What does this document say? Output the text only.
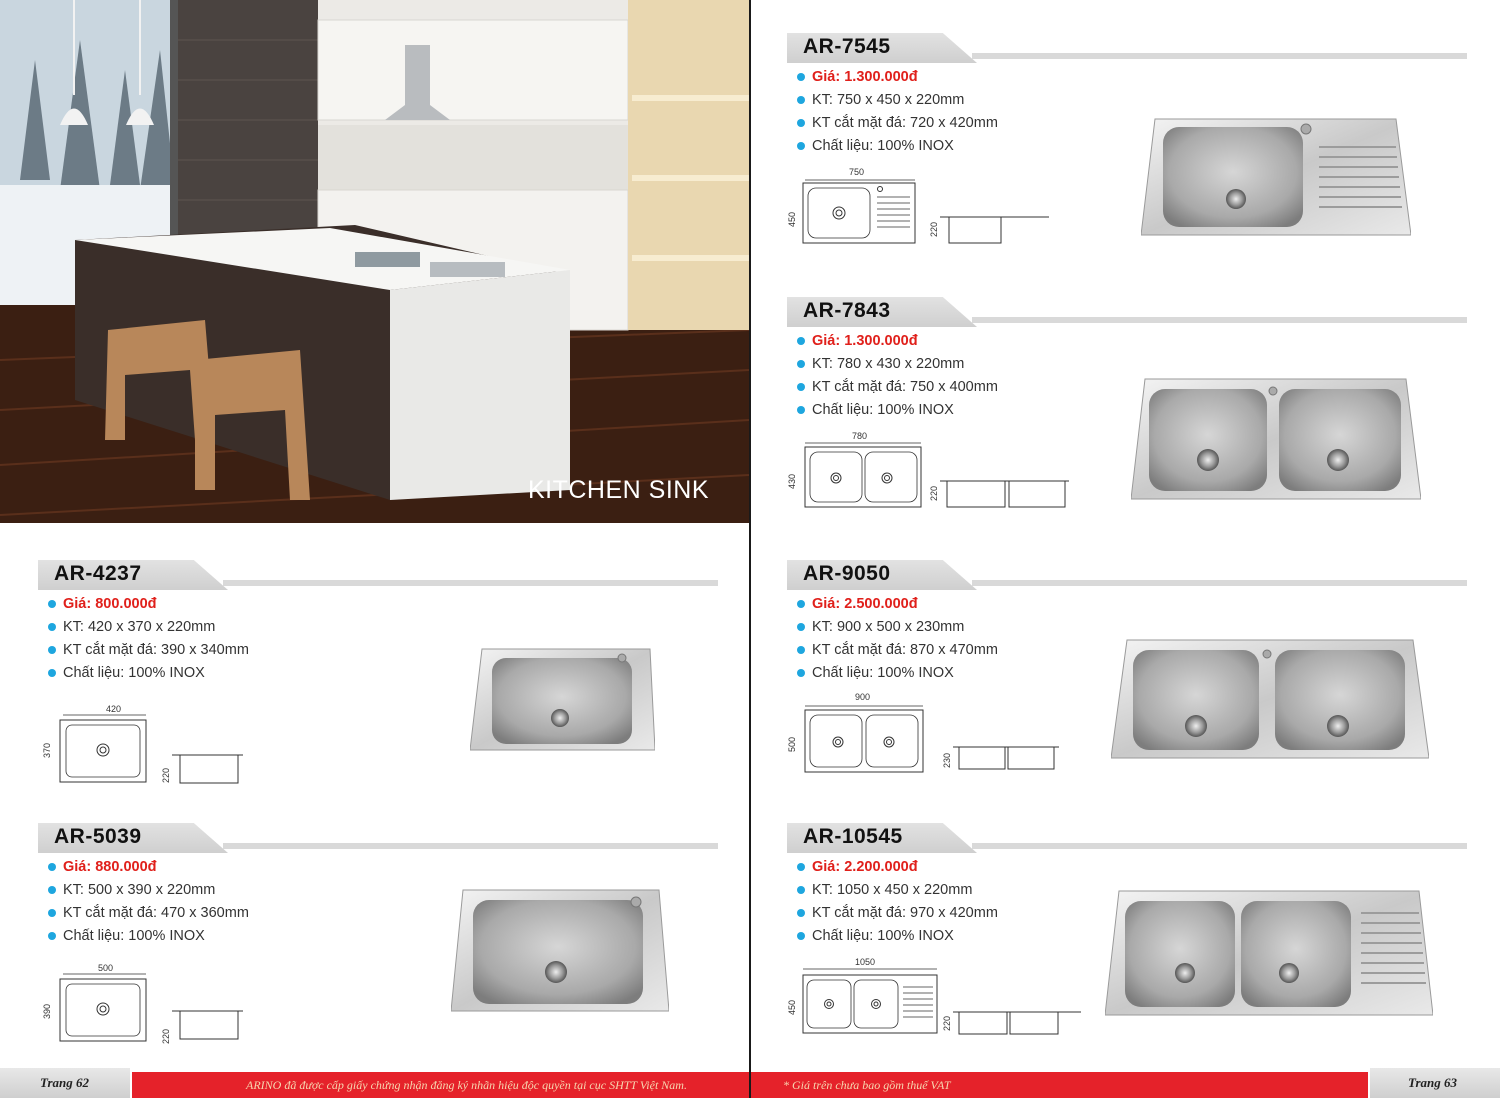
KITCHEN SINK
AR-4237
Giá: 800.000đ
KT: 420 x 370 x 220mm
KT cắt mặt đá: 390 x 340mm
Chất liệu: 100% INOX
420
370
220
AR-5039
Giá: 880.000đ
KT: 500 x 390 x 220mm
KT cắt mặt đá: 470 x 360mm
Chất liệu: 100% INOX
500
390
220
Trang 62	ARINO đã được cấp giấy chứng nhận đăng ký nhãn hiệu độc quyền tại cục SHTT Việt Nam.
AR-7545
Giá: 1.300.000đ
KT: 750 x 450 x 220mm
KT cắt mặt đá: 720 x 420mm
Chất liệu: 100% INOX
750
450
220
AR-7843
Giá: 1.300.000đ
KT: 780 x 430 x 220mm
KT cắt mặt đá: 750 x 400mm
Chất liệu: 100% INOX
780
430
220
AR-9050
Giá: 2.500.000đ
KT: 900 x 500 x 230mm
KT cắt mặt đá: 870 x 470mm
Chất liệu: 100% INOX
900
500
230
AR-10545
Giá: 2.200.000đ
KT: 1050 x 450 x 220mm
KT cắt mặt đá: 970 x 420mm
Chất liệu: 100% INOX
1050
450
220
* Giá trên chưa bao gồm thuế VAT	Trang 63
